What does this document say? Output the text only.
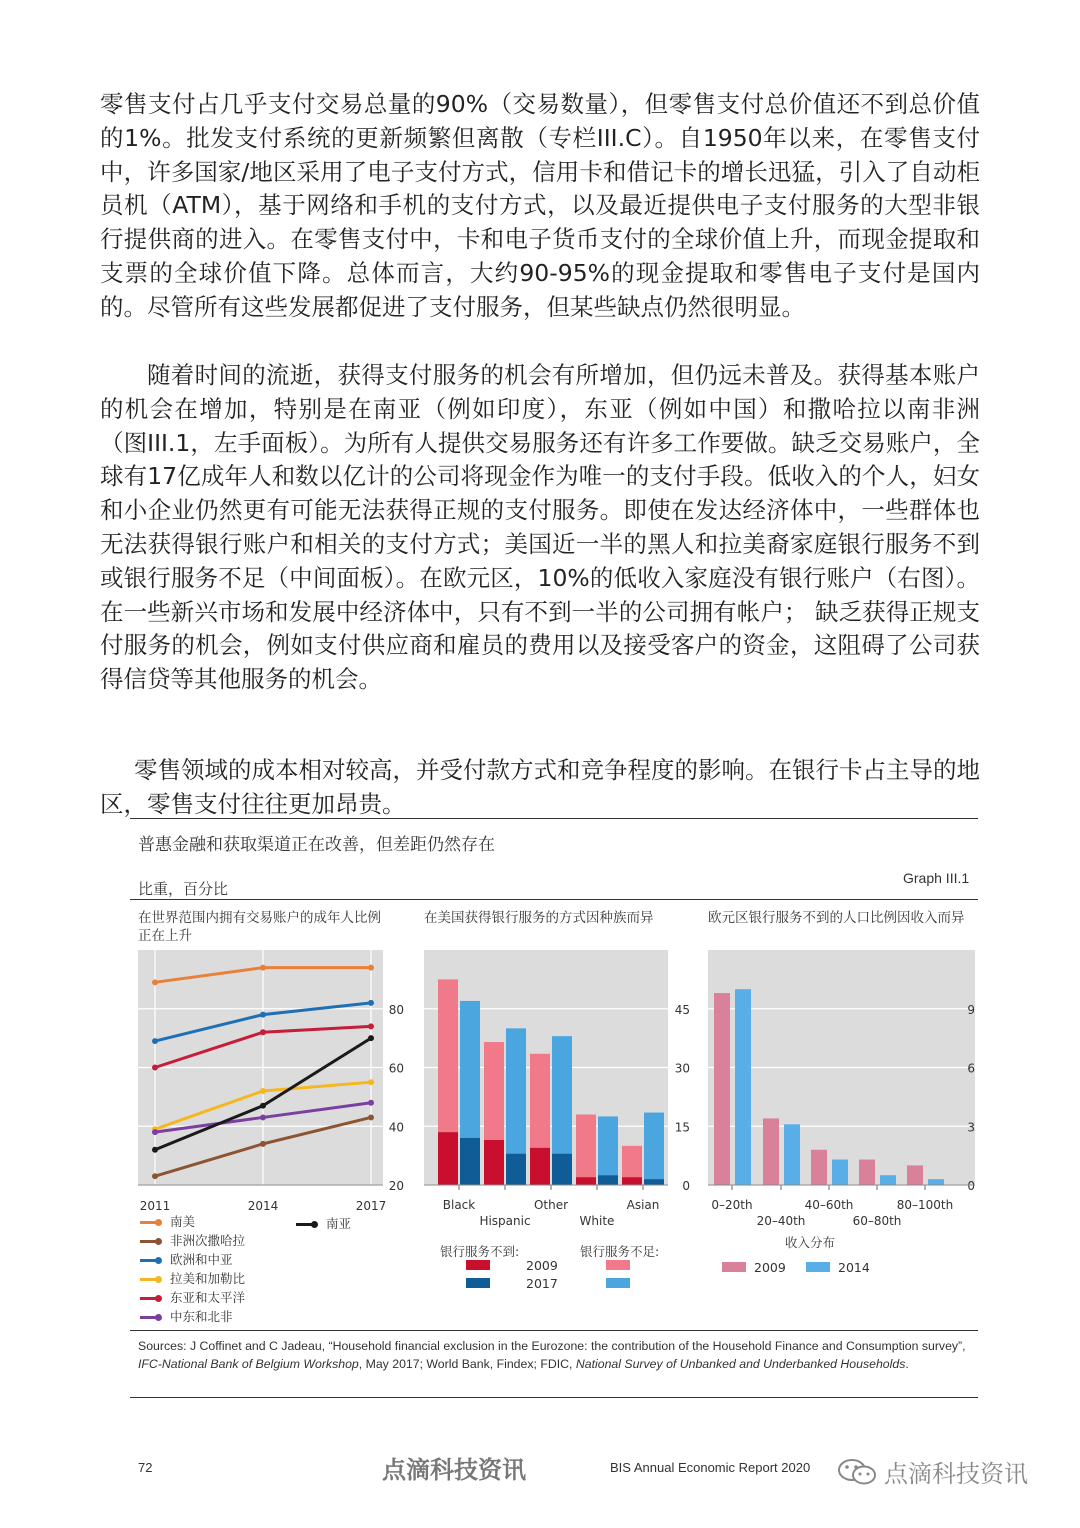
零售支付占几乎支付交易总量的90%（交易数量），但零售支付总价值还不到总价值的1%。批发支付系统的更新频繁但离散（专栏III.C）。自1950年以来，在零售支付中，许多国家/地区采用了电子支付方式，信用卡和借记卡的增长迅猛，引入了自动柜员机（ATM），基于网络和手机的支付方式，以及最近提供电子支付服务的大型非银行提供商的进入。在零售支付中，卡和电子货币支付的全球价值上升，而现金提取和支票的全球价值下降。总体而言，大约90-95%的现金提取和零售电子支付是国内的。尽管所有这些发展都促进了支付服务，但某些缺点仍然很明显。

随着时间的流逝，获得支付服务的机会有所增加，但仍远未普及。获得基本账户的机会在增加，特别是在南亚（例如印度），东亚（例如中国）和撒哈拉以南非洲（图III.1，左手面板）。为所有人提供交易服务还有许多工作要做。缺乏交易账户，全球有17亿成年人和数以亿计的公司将现金作为唯一的支付手段。低收入的个人，妇女和小企业仍然更有可能无法获得正规的支付服务。即使在发达经济体中，一些群体也无法获得银行账户和相关的支付方式；美国近一半的黑人和拉美裔家庭银行服务不到或银行服务不足（中间面板）。在欧元区，10%的低收入家庭没有银行账户（右图）。在一些新兴市场和发展中经济体中，只有不到一半的公司拥有帐户； 缺乏获得正规支付服务的机会，例如支付供应商和雇员的费用以及接受客户的资金，这阻碍了公司获得信贷等其他服务的机会。

零售领域的成本相对较高，并受付款方式和竞争程度的影响。在银行卡占主导的地区，零售支付往往更加昂贵。

普惠金融和获取渠道正在改善，但差距仍然存在
比重，百分比
Graph III.1
在世界范围内拥有交易账户的成年人比例正在上升
在美国获得银行服务的方式因种族而异	欧元区银行服务不到的人口比例因收入而异
20
40
60
80
2011	2014	2017
0
15
30
45
Black
Hispanic
Other
White
Asian
0
3
6
9
0–20th
20–40th
40–60th
60–80th
80–100th
南美
非洲次撒哈拉
欧洲和中亚
拉美和加勒比
东亚和太平洋
中东和北非
南亚
银行服务不到:	银行服务不足:
2009
2017
收入分布
2009	2014

Sources: J Coffinet and C Jadeau, “Household financial exclusion in the Eurozone: the contribution of the Household Finance and Consumption survey”, IFC-National Bank of Belgium Workshop, May 2017; World Bank, Findex; FDIC, National Survey of Unbanked and Underbanked Households.

72	点滴科技资讯	BIS Annual Economic Report 2020	点滴科技资讯
